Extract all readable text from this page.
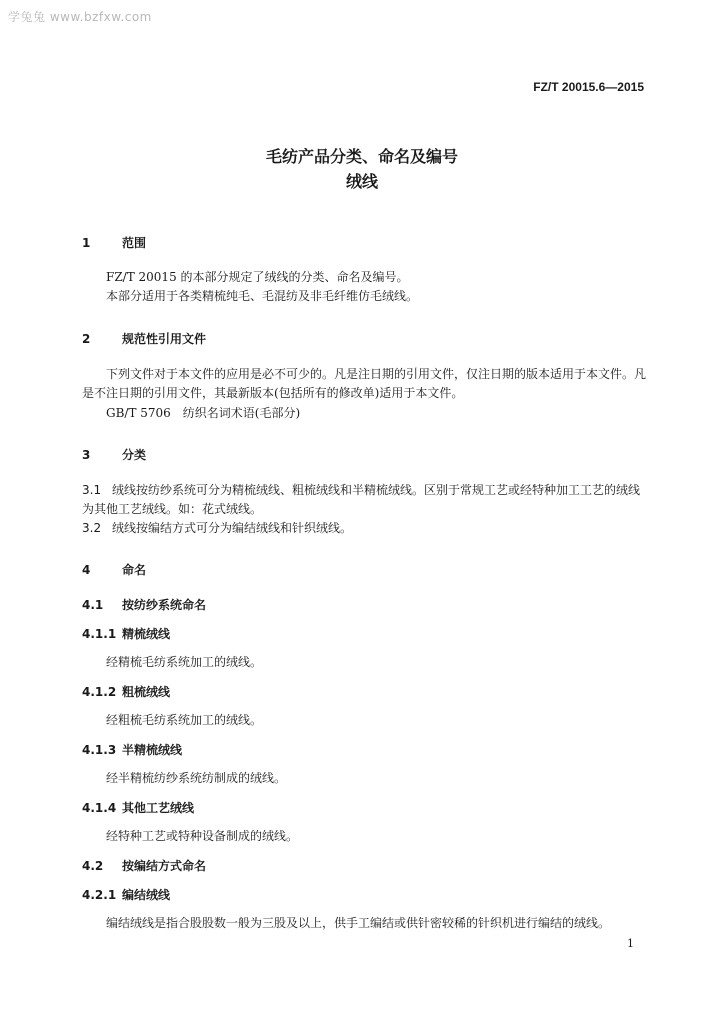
学兔兔 www.bzfxw.com
FZ/T 20015.6—2015
毛纺产品分类、命名及编号
绒线
1	范围
FZ/T 20015 的本部分规定了绒线的分类、命名及编号。
本部分适用于各类精梳纯毛、毛混纺及非毛纤维仿毛绒线。
2	规范性引用文件
下列文件对于本文件的应用是必不可少的。凡是注日期的引用文件，仅注日期的版本适用于本文件。凡是不注日期的引用文件，其最新版本(包括所有的修改单)适用于本文件。
GB/T 5706　纺织名词术语(毛部分)
3	分类
3.1 绒线按纺纱系统可分为精梳绒线、粗梳绒线和半精梳绒线。区别于常规工艺或经特种加工工艺的绒线为其他工艺绒线。如：花式绒线。
3.2 绒线按编结方式可分为编结绒线和针织绒线。
4	命名
4.1 按纺纱系统命名
4.1.1 精梳绒线
经精梳毛纺系统加工的绒线。
4.1.2 粗梳绒线
经粗梳毛纺系统加工的绒线。
4.1.3 半精梳绒线
经半精梳纺纱系统纺制成的绒线。
4.1.4 其他工艺绒线
经特种工艺或特种设备制成的绒线。
4.2 按编结方式命名
4.2.1 编结绒线
编结绒线是指合股股数一般为三股及以上，供手工编结或供针密较稀的针织机进行编结的绒线。
1
